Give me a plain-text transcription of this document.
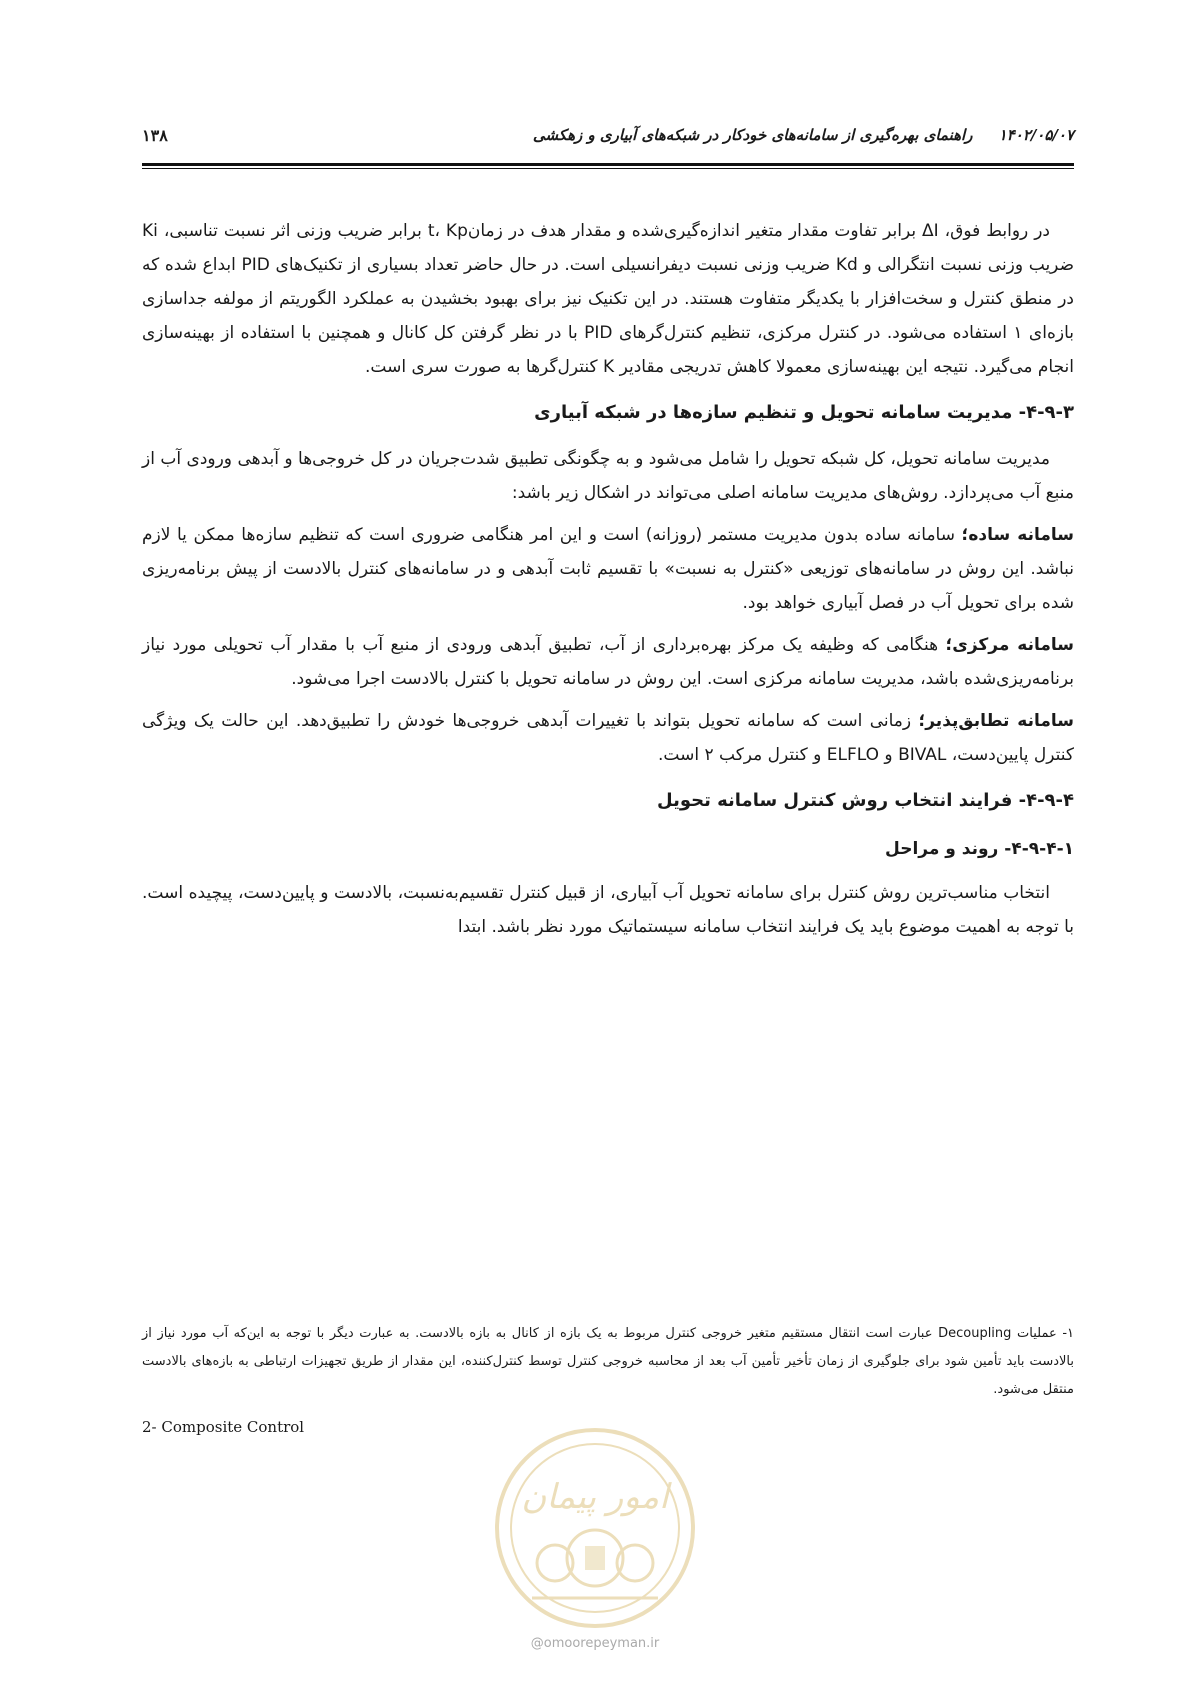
۱۴۰۲/۰۵/۰۷     راهنمای بهره‌گیری از سامانه‌های خودکار در شبکه‌های آبیاری و زهکشی
۱۳۸

در روابط فوق، ΔI برابر تفاوت مقدار متغیر اندازه‌گیری‌شده و مقدار هدف در زمانt، Kp برابر ضریب وزنی اثر نسبت تناسبی، Ki ضریب وزنی نسبت انتگرالی و Kd ضریب وزنی نسبت دیفرانسیلی است. در حال حاضر تعداد بسیاری از تکنیک‌های PID ابداع شده که در منطق کنترل و سخت‌افزار با یکدیگر متفاوت هستند. در این تکنیک نیز برای بهبود بخشیدن به عملکرد الگوریتم از مولفه جداسازی بازه‌ای ۱ استفاده می‌شود. در کنترل مرکزی، تنظیم کنترل‌گرهای PID با در نظر گرفتن کل کانال و همچنین با استفاده از بهینه‌سازی انجام می‌گیرد. نتیجه این بهینه‌سازی معمولا کاهش تدریجی مقادیر K کنترل‌گرها به صورت سری است.

۴-۹-۳- مدیریت سامانه تحویل و تنظیم سازه‌ها در شبکه آبیاری

مدیریت سامانه تحویل، کل شبکه تحویل را شامل می‌شود و به چگونگی تطبیق شدت‌جریان در کل خروجی‌ها و آبدهی ورودی آب از منبع آب می‌پردازد. روش‌های مدیریت سامانه اصلی می‌تواند در اشکال زیر باشد:

سامانه ساده؛ سامانه ساده بدون مدیریت مستمر (روزانه) است و این امر هنگامی ضروری است که تنظیم سازه‌ها ممکن یا لازم نباشد. این روش در سامانه‌های توزیعی «کنترل به نسبت» با تقسیم ثابت آبدهی و در سامانه‌های کنترل بالادست از پیش برنامه‌ریزی شده برای تحویل آب در فصل آبیاری خواهد بود.

سامانه مرکزی؛ هنگامی که وظیفه یک مرکز بهره‌برداری از آب، تطبیق آبدهی ورودی از منبع آب با مقدار آب تحویلی مورد نیاز برنامه‌ریزی‌شده باشد، مدیریت سامانه مرکزی است. این روش در سامانه تحویل با کنترل بالادست اجرا می‌شود.

سامانه تطابق‌پذیر؛ زمانی است که سامانه تحویل بتواند با تغییرات آبدهی خروجی‌ها خودش را تطبیق‌دهد. این حالت یک ویژگی کنترل پایین‌دست، BIVAL و ELFLO و کنترل مرکب ۲ است.

۴-۹-۴- فرایند انتخاب روش کنترل سامانه تحویل
۴-۹-۴-۱- روند و مراحل

انتخاب مناسب‌ترین روش کنترل برای سامانه تحویل آب آبیاری، از قبیل کنترل تقسیم‌به‌نسبت، بالادست و پایین‌دست، پیچیده است. با توجه به اهمیت موضوع باید یک فرایند انتخاب سامانه سیستماتیک مورد نظر باشد. ابتدا

۱- عملیات Decoupling عبارت است انتقال مستقیم متغیر خروجی کنترل مربوط به یک بازه از کانال به بازه بالادست. به عبارت دیگر با توجه به این‌که آب مورد نیاز از بالادست باید تأمین شود برای جلوگیری از زمان تأخیر تأمین آب بعد از محاسبه خروجی کنترل توسط کنترل‌کننده، این مقدار از طریق تجهیزات ارتباطی به بازه‌های بالادست منتقل می‌شود.

2- Composite Control
امور پیمان
@omoorepeyman.ir
